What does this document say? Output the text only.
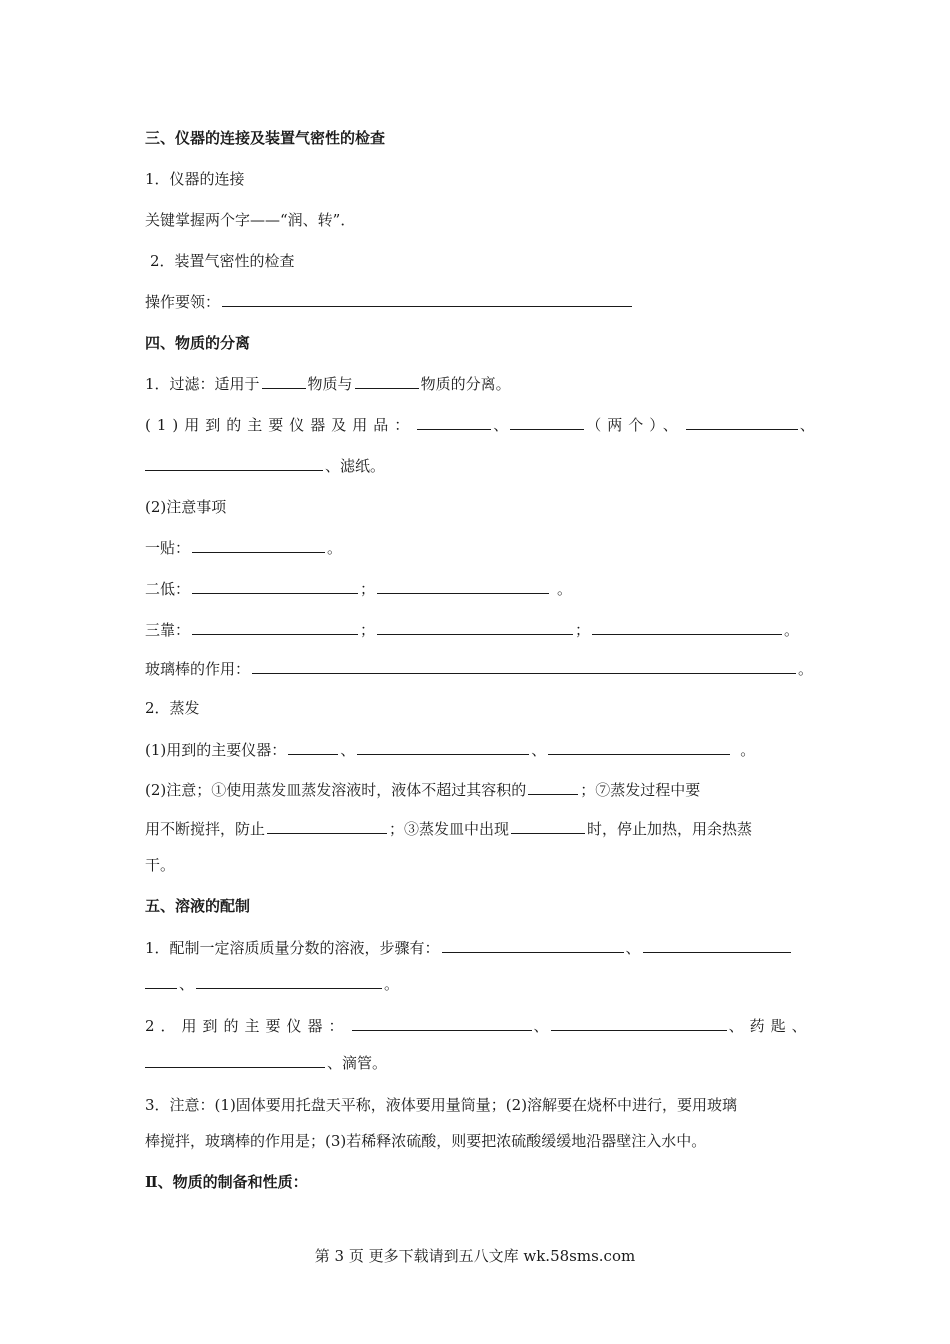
三、仪器的连接及装置气密性的检查
1．仪器的连接
关键掌握两个字——“润、转”．
2．装置气密性的检查
操作要领：
四、物质的分离
1．过滤：适用于	物质与	物质的分离。
(1)用到的主要仪器及用品：	、	（两个）、	、
、滤纸。
(2)注意事项
一贴：	。
二低：	；	。
三靠：	；	；	。
玻璃棒的作用：	。
2．蒸发
(1)用到的主要仪器：	、	、	。
(2)注意；①使用蒸发皿蒸发溶液时，液体不超过其容积的	；⑦蒸发过程中要
用不断搅拌，防止	；③蒸发皿中出现	时，停止加热，用余热蒸
干。
五、溶液的配制
1．配制一定溶质质量分数的溶液，步骤有：	、
、	。
2．用到的主要仪器：	、	、药匙、
、滴管。
3．注意：(1)固体要用托盘天平称，液体要用量筒量；(2)溶解要在烧杯中进行，要用玻璃
棒搅拌，玻璃棒的作用是；(3)若稀释浓硫酸，则要把浓硫酸缓缓地沿器壁注入水中。
Ⅱ、物质的制备和性质：
第 3 页 更多下载请到五八文库 wk.58sms.com
